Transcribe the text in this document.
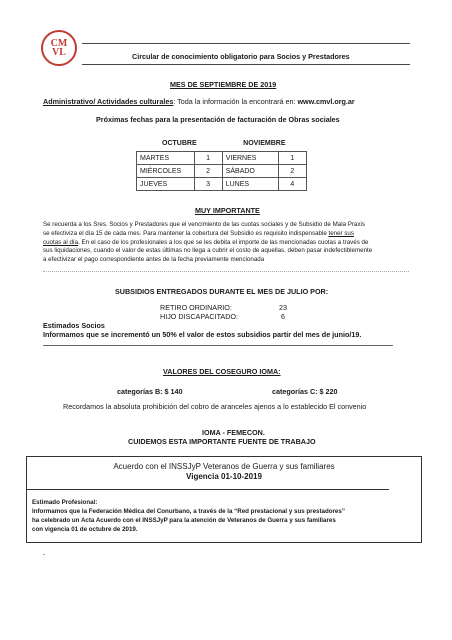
CM
VL	Circular de conocimiento obligatorio para Socios y Prestadores
MES DE SEPTIEMBRE DE 2019
Administrativo/ Actividades culturales: Toda la información la encontrará en: www.cmvl.org.ar
Próximas fechas para la presentación de facturación de Obras sociales
OCTUBRE		NOVIEMBRE	
MARTES	1	VIERNES	1
MIÉRCOLES	2	SÁBADO	2
JUEVES	3	LUNES	4
MUY IMPORTANTE
Se recuerda a los Sres. Socios y Prestadores que el vencimiento de las cuotas sociales y de Subsidio de Mala Praxis
se efectiviza el día 15 de cada mes. Para mantener la cobertura del Subsidio es requisito indispensable tener sus
cuotas al día. En el caso de los profesionales a los que se les debita el importe de las mencionadas cuotas a través de
sus liquidaciones, cuando el valor de estas últimas no llega a cubrir el costo de aquellas, deben pasar indefectiblemente
a efectivizar el pago correspondiente antes de la fecha previamente mencionada
SUBSIDIOS ENTREGADOS DURANTE EL MES DE JULIO POR:
RETIRO ORDINARIO:	23
HIJO DISCAPACITADO:	6
Estimados Socios
Informamos que se incrementó un 50% el valor de estos subsidios partir del mes de junio/19.
VALORES DEL COSEGURO IOMA:
categorías B: $ 140	categorías C: $ 220
Recordamos la absoluta prohibición del cobro de aranceles ajenos a lo establecido El convenio
IOMA - FEMECON.
CUIDEMOS ESTA IMPORTANTE FUENTE DE TRABAJO
Acuerdo con el INSSJyP Veteranos de Guerra y sus familiares
Vigencia 01-10-2019
Estimado Profesional:
Informamos que la Federación Médica del Conurbano, a través de la “Red prestacional y sus prestadores”
ha celebrado un Acta Acuerdo con el INSSJyP para la atención de Veteranos de Guerra y sus familiares
con vigencia 01 de octubre de 2019.
-
